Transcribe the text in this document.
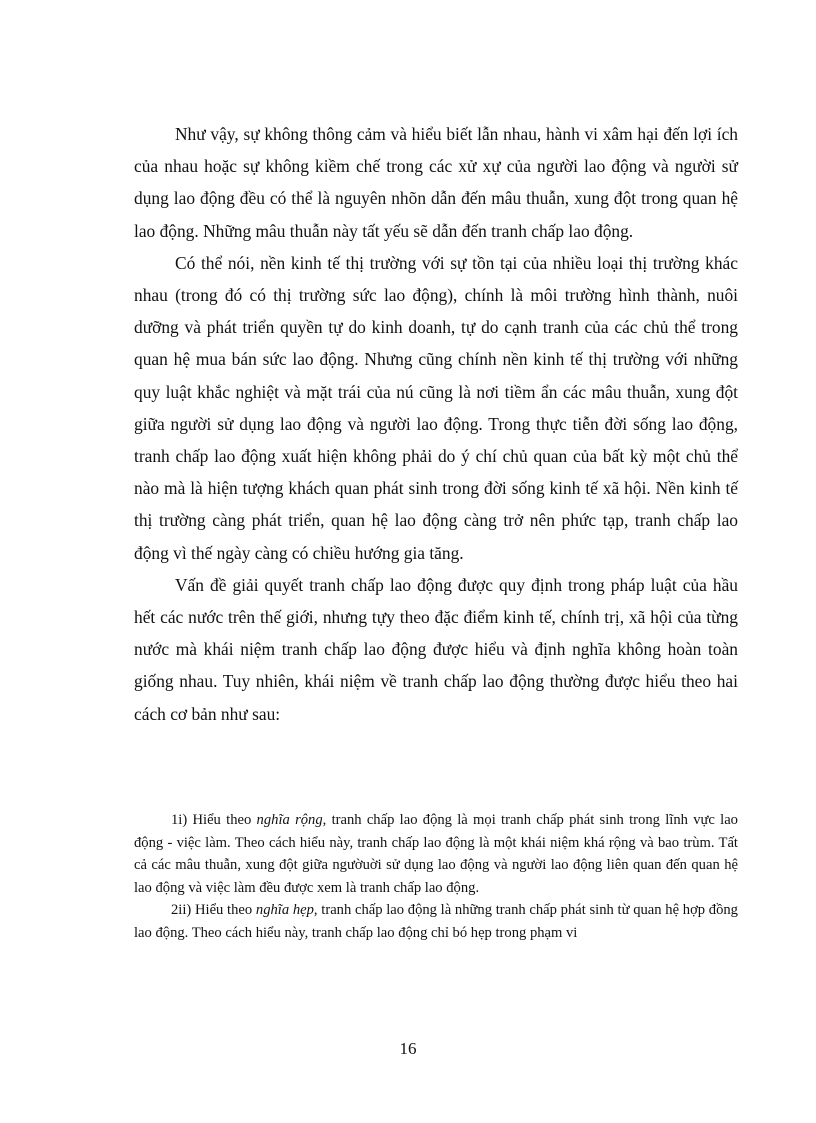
Như vậy, sự không thông cảm và hiểu biết lẫn nhau, hành vi xâm hại đến lợi ích của nhau hoặc sự không kiềm chế trong các xử xự của người lao động và người sử dụng lao động đều có thể là nguyên nhõn dẫn đến mâu thuẫn, xung đột trong quan hệ lao động. Những mâu thuẫn này tất yếu sẽ dẫn đến tranh chấp lao động.

Có thể nói, nền kinh tế thị trường với sự tồn tại của nhiều loại thị trường khác nhau (trong đó có thị trường sức lao động), chính là môi trường hình thành, nuôi dưỡng và phát triển quyền tự do kinh doanh, tự do cạnh tranh của các chủ thể trong quan hệ mua bán sức lao động. Nhưng cũng chính nền kinh tế thị trường với những quy luật khắc nghiệt và mặt trái của nú cũng là nơi tiềm ẩn các mâu thuẫn, xung đột giữa người sử dụng lao động và người lao động. Trong thực tiễn đời sống lao động, tranh chấp lao động xuất hiện không phải do ý chí chủ quan của bất kỳ một chủ thể nào mà là hiện tượng khách quan phát sinh trong đời sống kinh tế xã hội. Nền kinh tế thị trường càng phát triển, quan hệ lao động càng trở nên phức tạp, tranh chấp lao động vì thế ngày càng có chiều hướng gia tăng.

Vấn đề giải quyết tranh chấp lao động được quy định trong pháp luật của hầu hết các nước trên thế giới, nhưng tựy theo đặc điểm kinh tế, chính trị, xã hội của từng nước mà khái niệm tranh chấp lao động được hiểu và định nghĩa không hoàn toàn giống nhau. Tuy nhiên, khái niệm về tranh chấp lao động thường được hiểu theo hai cách cơ bản như sau:

1i) Hiểu theo nghĩa rộng, tranh chấp lao động là mọi tranh chấp phát sinh trong lĩnh vực lao động - việc làm. Theo cách hiểu này, tranh chấp lao động là một khái niệm khá rộng và bao trùm. Tất cả các mâu thuẫn, xung đột giữa ngườuời sử dụng lao động và người lao động liên quan đến quan hệ lao động và việc làm đều được xem là tranh chấp lao động.

2ii) Hiểu theo nghĩa hẹp, tranh chấp lao động là những tranh chấp phát sinh từ quan hệ hợp đồng lao động. Theo cách hiểu này, tranh chấp lao động chỉ bó hẹp trong phạm vi

16
